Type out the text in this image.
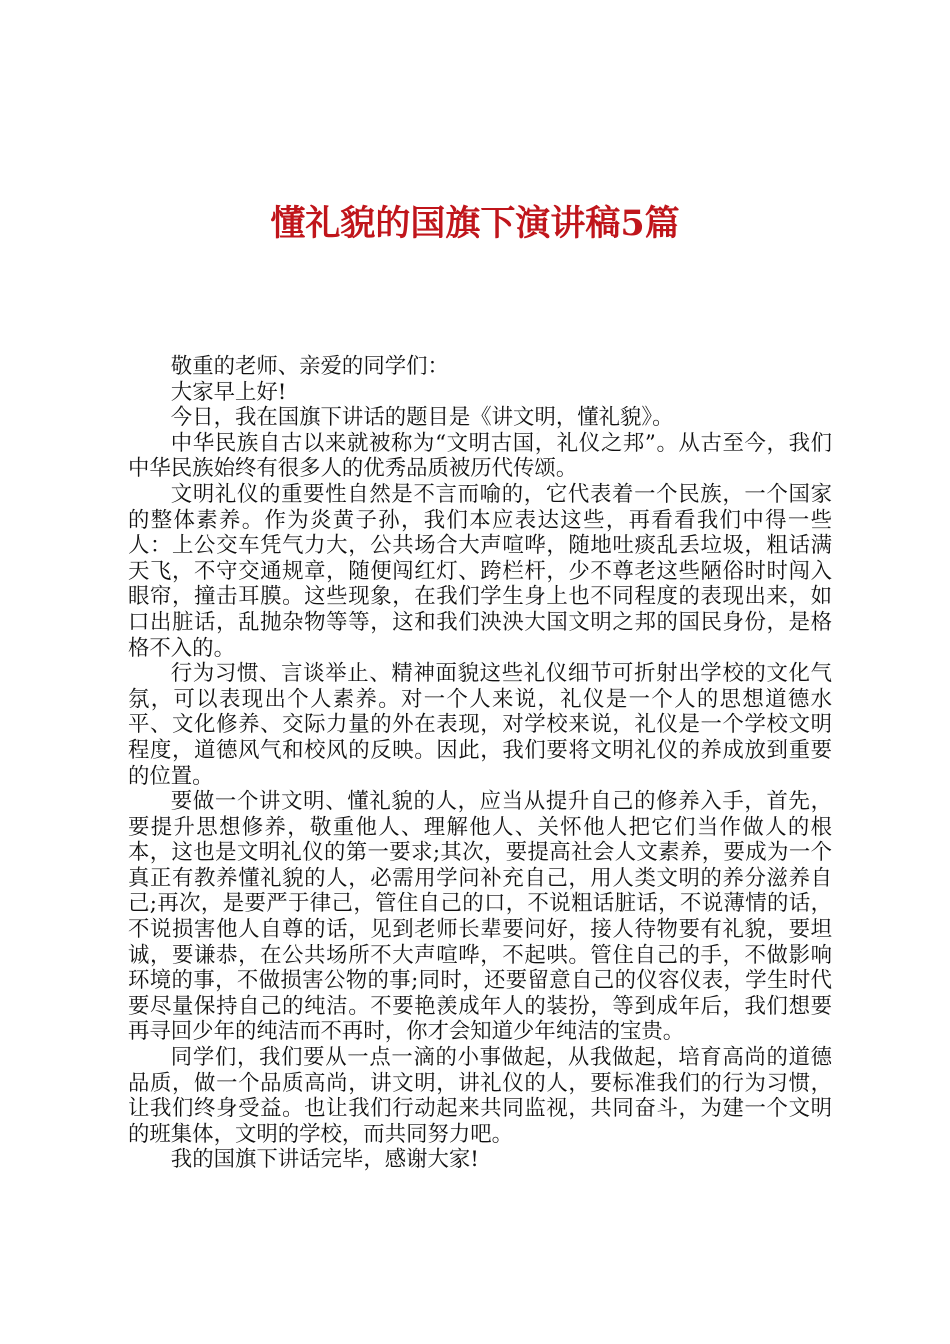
懂礼貌的国旗下演讲稿5篇

敬重的老师、亲爱的同学们：

大家早上好!

今日，我在国旗下讲话的题目是《讲文明，懂礼貌》。

中华民族自古以来就被称为“文明古国，礼仪之邦”。从古至今，我们中华民族始终有很多人的优秀品质被历代传颂。

文明礼仪的重要性自然是不言而喻的，它代表着一个民族，一个国家的整体素养。作为炎黄子孙，我们本应表达这些，再看看我们中得一些人：上公交车凭气力大，公共场合大声喧哗，随地吐痰乱丢垃圾，粗话满天飞，不守交通规章，随便闯红灯、跨栏杆，少不尊老这些陋俗时时闯入眼帘，撞击耳膜。这些现象，在我们学生身上也不同程度的表现出来，如口出脏话，乱抛杂物等等，这和我们泱泱大国文明之邦的国民身份，是格格不入的。

行为习惯、言谈举止、精神面貌这些礼仪细节可折射出学校的文化气氛，可以表现出个人素养。对一个人来说，礼仪是一个人的思想道德水平、文化修养、交际力量的外在表现，对学校来说，礼仪是一个学校文明程度，道德风气和校风的反映。因此，我们要将文明礼仪的养成放到重要的位置。

要做一个讲文明、懂礼貌的人，应当从提升自己的修养入手，首先，要提升思想修养，敬重他人、理解他人、关怀他人把它们当作做人的根本，这也是文明礼仪的第一要求;其次，要提高社会人文素养，要成为一个真正有教养懂礼貌的人，必需用学问补充自己，用人类文明的养分滋养自己;再次，是要严于律己，管住自己的口，不说粗话脏话，不说薄情的话，不说损害他人自尊的话，见到老师长辈要问好，接人待物要有礼貌，要坦诚，要谦恭，在公共场所不大声喧哗，不起哄。管住自己的手，不做影响环境的事，不做损害公物的事;同时，还要留意自己的仪容仪表，学生时代要尽量保持自己的纯洁。不要艳羡成年人的装扮，等到成年后，我们想要再寻回少年的纯洁而不再时，你才会知道少年纯洁的宝贵。

同学们，我们要从一点一滴的小事做起，从我做起，培育高尚的道德品质，做一个品质高尚，讲文明，讲礼仪的人，要标准我们的行为习惯，让我们终身受益。也让我们行动起来共同监视，共同奋斗，为建一个文明的班集体，文明的学校，而共同努力吧。

我的国旗下讲话完毕，感谢大家!
